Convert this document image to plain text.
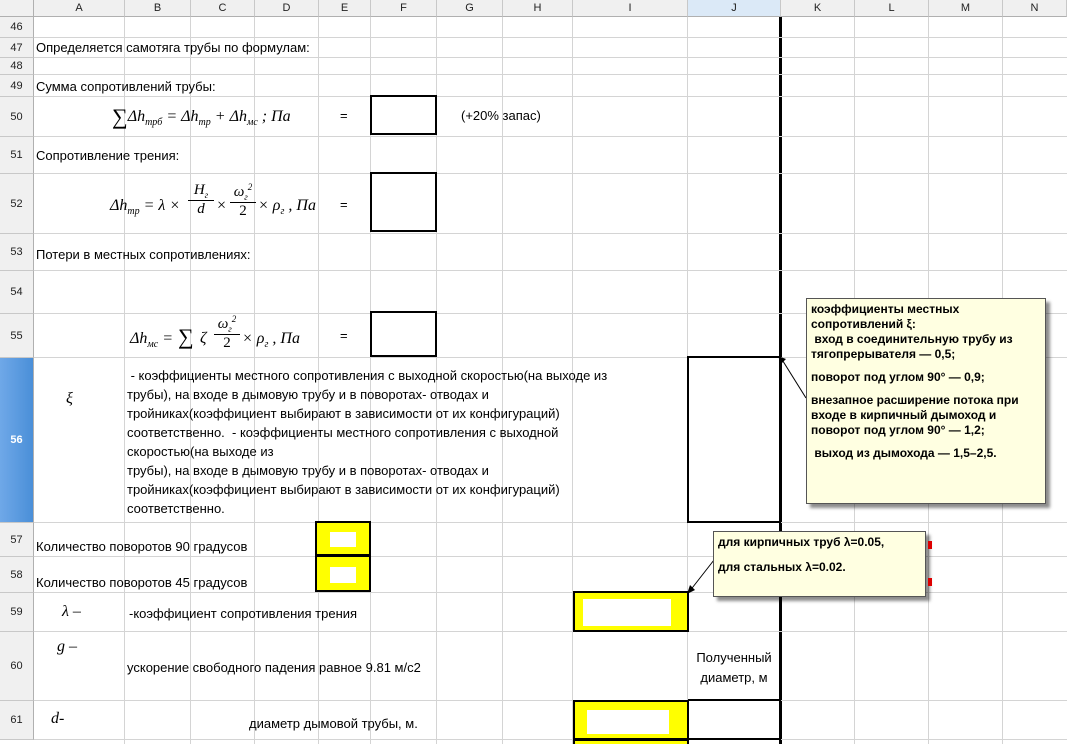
A	B	C	D	E	F	G	H	I	J	K	L	M	N
46
47
48
49
50
51
52
53
54
55
56
57
58
59
60
61
Определяется самотяга трубы по формулам:
Сумма сопротивлений трубы:
$\sum\Delta h_{трб} = \Delta h_{тр} + \Delta h_{мс}$ ; Па	=	(+20% запас)
Сопротивление трения:
$\Delta h_{тр} = \lambda$ ×
$H_г$
d ×
$\omega_г^2$
$2 \times \rho_г$ , Па =
Потери в местных сопротивлениях:
$\Delta h_{мс}$ = ∑ ζ
$\omega_г^2$
$2 \times \rho_г$ , Па	=
ξ
- коэффициенты местного сопротивления с выходной скоростью(на выходе из
трубы), на входе в дымовую трубу и в поворотах- отводах и
тройниках(коэффициент выбирают в зависимости от их конфигураций)
соответственно.  - коэффициенты местного сопротивления с выходной
скоростью(на выходе из
трубы), на входе в дымовую трубу и в поворотах- отводах и
тройниках(коэффициент выбирают в зависимости от их конфигураций)
соответственно.
Количество поворотов 90 градусов
Количество поворотов 45 градусов
λ –	-коэффициент сопротивления трения
g –
ускорение свободного падения равное 9.81 м/с2
Полученный диаметр, м
d-	диаметр дымовой трубы, м.
коэффициенты местных
сопротивлений ξ:
вход в соединительную трубу из
тягопрерывателя — 0,5;
поворот под углом 90° — 0,9;
внезапное расширение потока при
входе в кирпичный дымоход и
поворот под углом 90° — 1,2;
выход из дымохода — 1,5–2,5.
для кирпичных труб λ=0.05,
для стальных λ=0.02.
